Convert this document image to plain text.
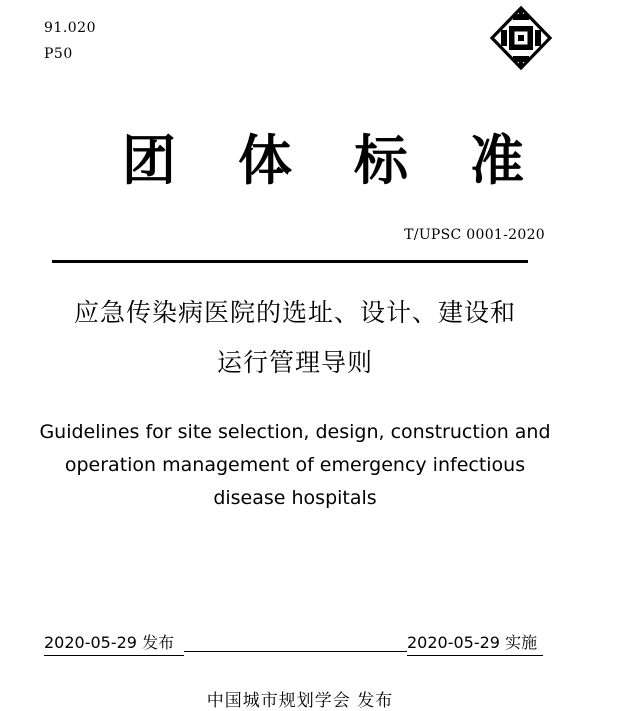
91.020
P50
团体标准
T/UPSC 0001-2020
应急传染病医院的选址、设计、建设和
运行管理导则
Guidelines for site selection, design, construction and
operation management of emergency infectious
disease hospitals
2020-05-29 发布	2020-05-29 实施
中国城市规划学会 发布
